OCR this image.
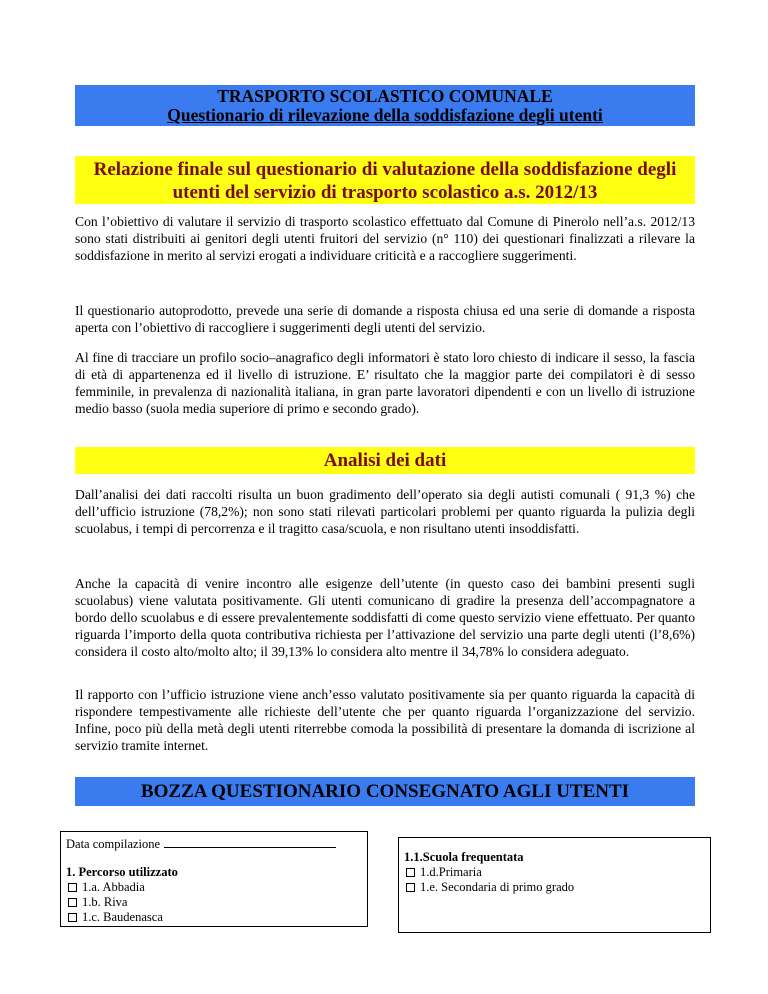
TRASPORTO SCOLASTICO COMUNALE
Questionario di rilevazione della soddisfazione degli utenti
Relazione finale sul questionario di valutazione della soddisfazione degli utenti del servizio di trasporto scolastico a.s. 2012/13

Con l’obiettivo di valutare il servizio di trasporto scolastico effettuato dal Comune di Pinerolo nell’a.s. 2012/13 sono stati distribuiti ai genitori degli utenti fruitori del servizio (n° 110) dei questionari finalizzati a rilevare la soddisfazione in merito al servizi erogati a individuare criticità e a raccogliere suggerimenti.

Il questionario autoprodotto, prevede una serie di domande a risposta chiusa ed una serie di domande a risposta aperta con l’obiettivo di raccogliere i suggerimenti degli utenti del servizio.

Al fine di tracciare un profilo socio–anagrafico degli informatori è stato loro chiesto di indicare il sesso, la fascia di età di appartenenza ed il livello di istruzione. E’ risultato che la maggior parte dei compilatori è di sesso femminile, in prevalenza di nazionalità italiana, in gran parte lavoratori dipendenti e con un livello di istruzione medio basso (suola media superiore di primo e secondo grado).

Analisi dei dati

Dall’analisi dei dati raccolti risulta un buon gradimento dell’operato sia degli autisti comunali ( 91,3 %) che dell’ufficio istruzione (78,2%); non sono stati rilevati particolari problemi per quanto riguarda la pulizia degli scuolabus, i tempi di percorrenza e il tragitto casa/scuola, e non risultano utenti insoddisfatti.

Anche la capacità di venire incontro alle esigenze dell’utente (in questo caso dei bambini presenti sugli scuolabus) viene valutata positivamente. Gli utenti comunicano di gradire la presenza dell’accompagnatore a bordo dello scuolabus e di essere prevalentemente soddisfatti di come questo servizio viene effettuato. Per quanto riguarda l’importo della quota contributiva richiesta per l’attivazione del servizio una parte degli utenti (l’8,6%) considera il costo alto/molto alto; il 39,13% lo considera alto mentre il 34,78% lo considera adeguato.

Il rapporto con l’ufficio istruzione viene anch’esso valutato positivamente sia per quanto riguarda la capacità di rispondere tempestivamente alle richieste dell’utente che per quanto riguarda l’organizzazione del servizio. Infine, poco più della metà degli utenti riterrebbe comoda la possibilità di presentare la domanda di iscrizione al servizio tramite internet.

BOZZA QUESTIONARIO CONSEGNATO AGLI UTENTI
Data compilazione
1. Percorso utilizzato
1.a. Abbadia
1.b. Riva
1.c. Baudenasca
1.1.Scuola frequentata
1.d.Primaria
1.e. Secondaria di primo grado
